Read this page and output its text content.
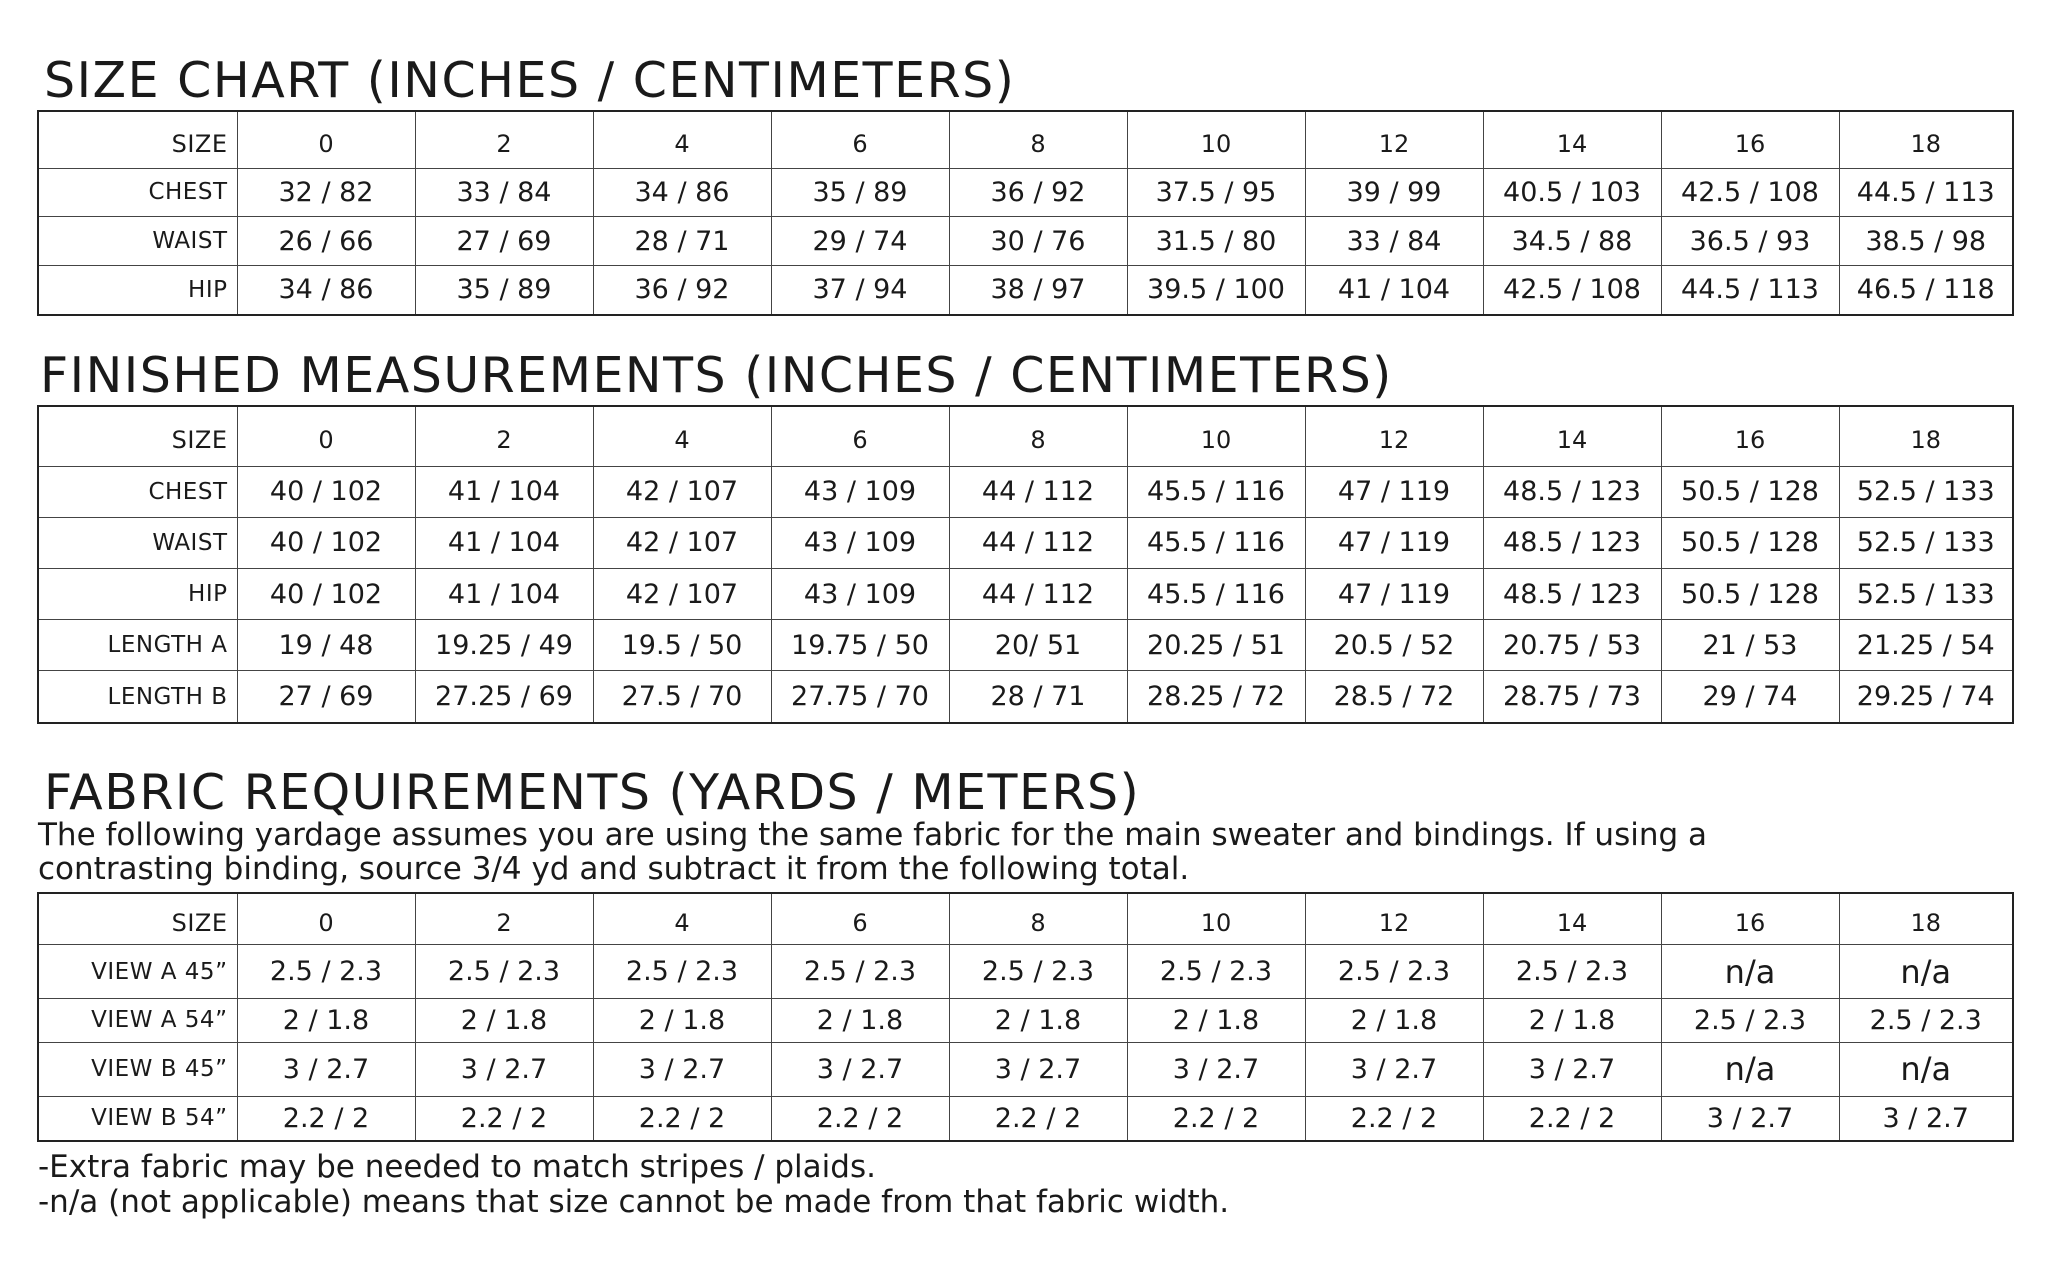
SIZE CHART (INCHES / CENTIMETERS)
SIZE	0	2	4	6	8	10	12	14	16	18
CHEST	32 / 82	33 / 84	34 / 86	35 / 89	36 / 92	37.5 / 95	39 / 99	40.5 / 103	42.5 / 108	44.5 / 113
WAIST	26 / 66	27 / 69	28 / 71	29 / 74	30 / 76	31.5 / 80	33 / 84	34.5 / 88	36.5 / 93	38.5 / 98
HIP	34 / 86	35 / 89	36 / 92	37 / 94	38 / 97	39.5 / 100	41 / 104	42.5 / 108	44.5 / 113	46.5 / 118
FINISHED MEASUREMENTS (INCHES / CENTIMETERS)
SIZE	0	2	4	6	8	10	12	14	16	18
CHEST	40 / 102	41 / 104	42 / 107	43 / 109	44 / 112	45.5 / 116	47 / 119	48.5 / 123	50.5 / 128	52.5 / 133
WAIST	40 / 102	41 / 104	42 / 107	43 / 109	44 / 112	45.5 / 116	47 / 119	48.5 / 123	50.5 / 128	52.5 / 133
HIP	40 / 102	41 / 104	42 / 107	43 / 109	44 / 112	45.5 / 116	47 / 119	48.5 / 123	50.5 / 128	52.5 / 133
LENGTH A	19 / 48	19.25 / 49	19.5 / 50	19.75 / 50	20/ 51	20.25 / 51	20.5 / 52	20.75 / 53	21 / 53	21.25 / 54
LENGTH B	27 / 69	27.25 / 69	27.5 / 70	27.75 / 70	28 / 71	28.25 / 72	28.5 / 72	28.75 / 73	29 / 74	29.25 / 74
FABRIC REQUIREMENTS (YARDS / METERS)
The following yardage assumes you are using the same fabric for the main sweater and bindings. If using a
contrasting binding, source 3/4 yd and subtract it from the following total.
SIZE	0	2	4	6	8	10	12	14	16	18
VIEW A 45”	2.5 / 2.3	2.5 / 2.3	2.5 / 2.3	2.5 / 2.3	2.5 / 2.3	2.5 / 2.3	2.5 / 2.3	2.5 / 2.3	n/a	n/a
VIEW A 54”	2 / 1.8	2 / 1.8	2 / 1.8	2 / 1.8	2 / 1.8	2 / 1.8	2 / 1.8	2 / 1.8	2.5 / 2.3	2.5 / 2.3
VIEW B 45”	3 / 2.7	3 / 2.7	3 / 2.7	3 / 2.7	3 / 2.7	3 / 2.7	3 / 2.7	3 / 2.7	n/a	n/a
VIEW B 54”	2.2 / 2	2.2 / 2	2.2 / 2	2.2 / 2	2.2 / 2	2.2 / 2	2.2 / 2	2.2 / 2	3 / 2.7	3 / 2.7
-Extra fabric may be needed to match stripes / plaids.
-n/a (not applicable) means that size cannot be made from that fabric width.
